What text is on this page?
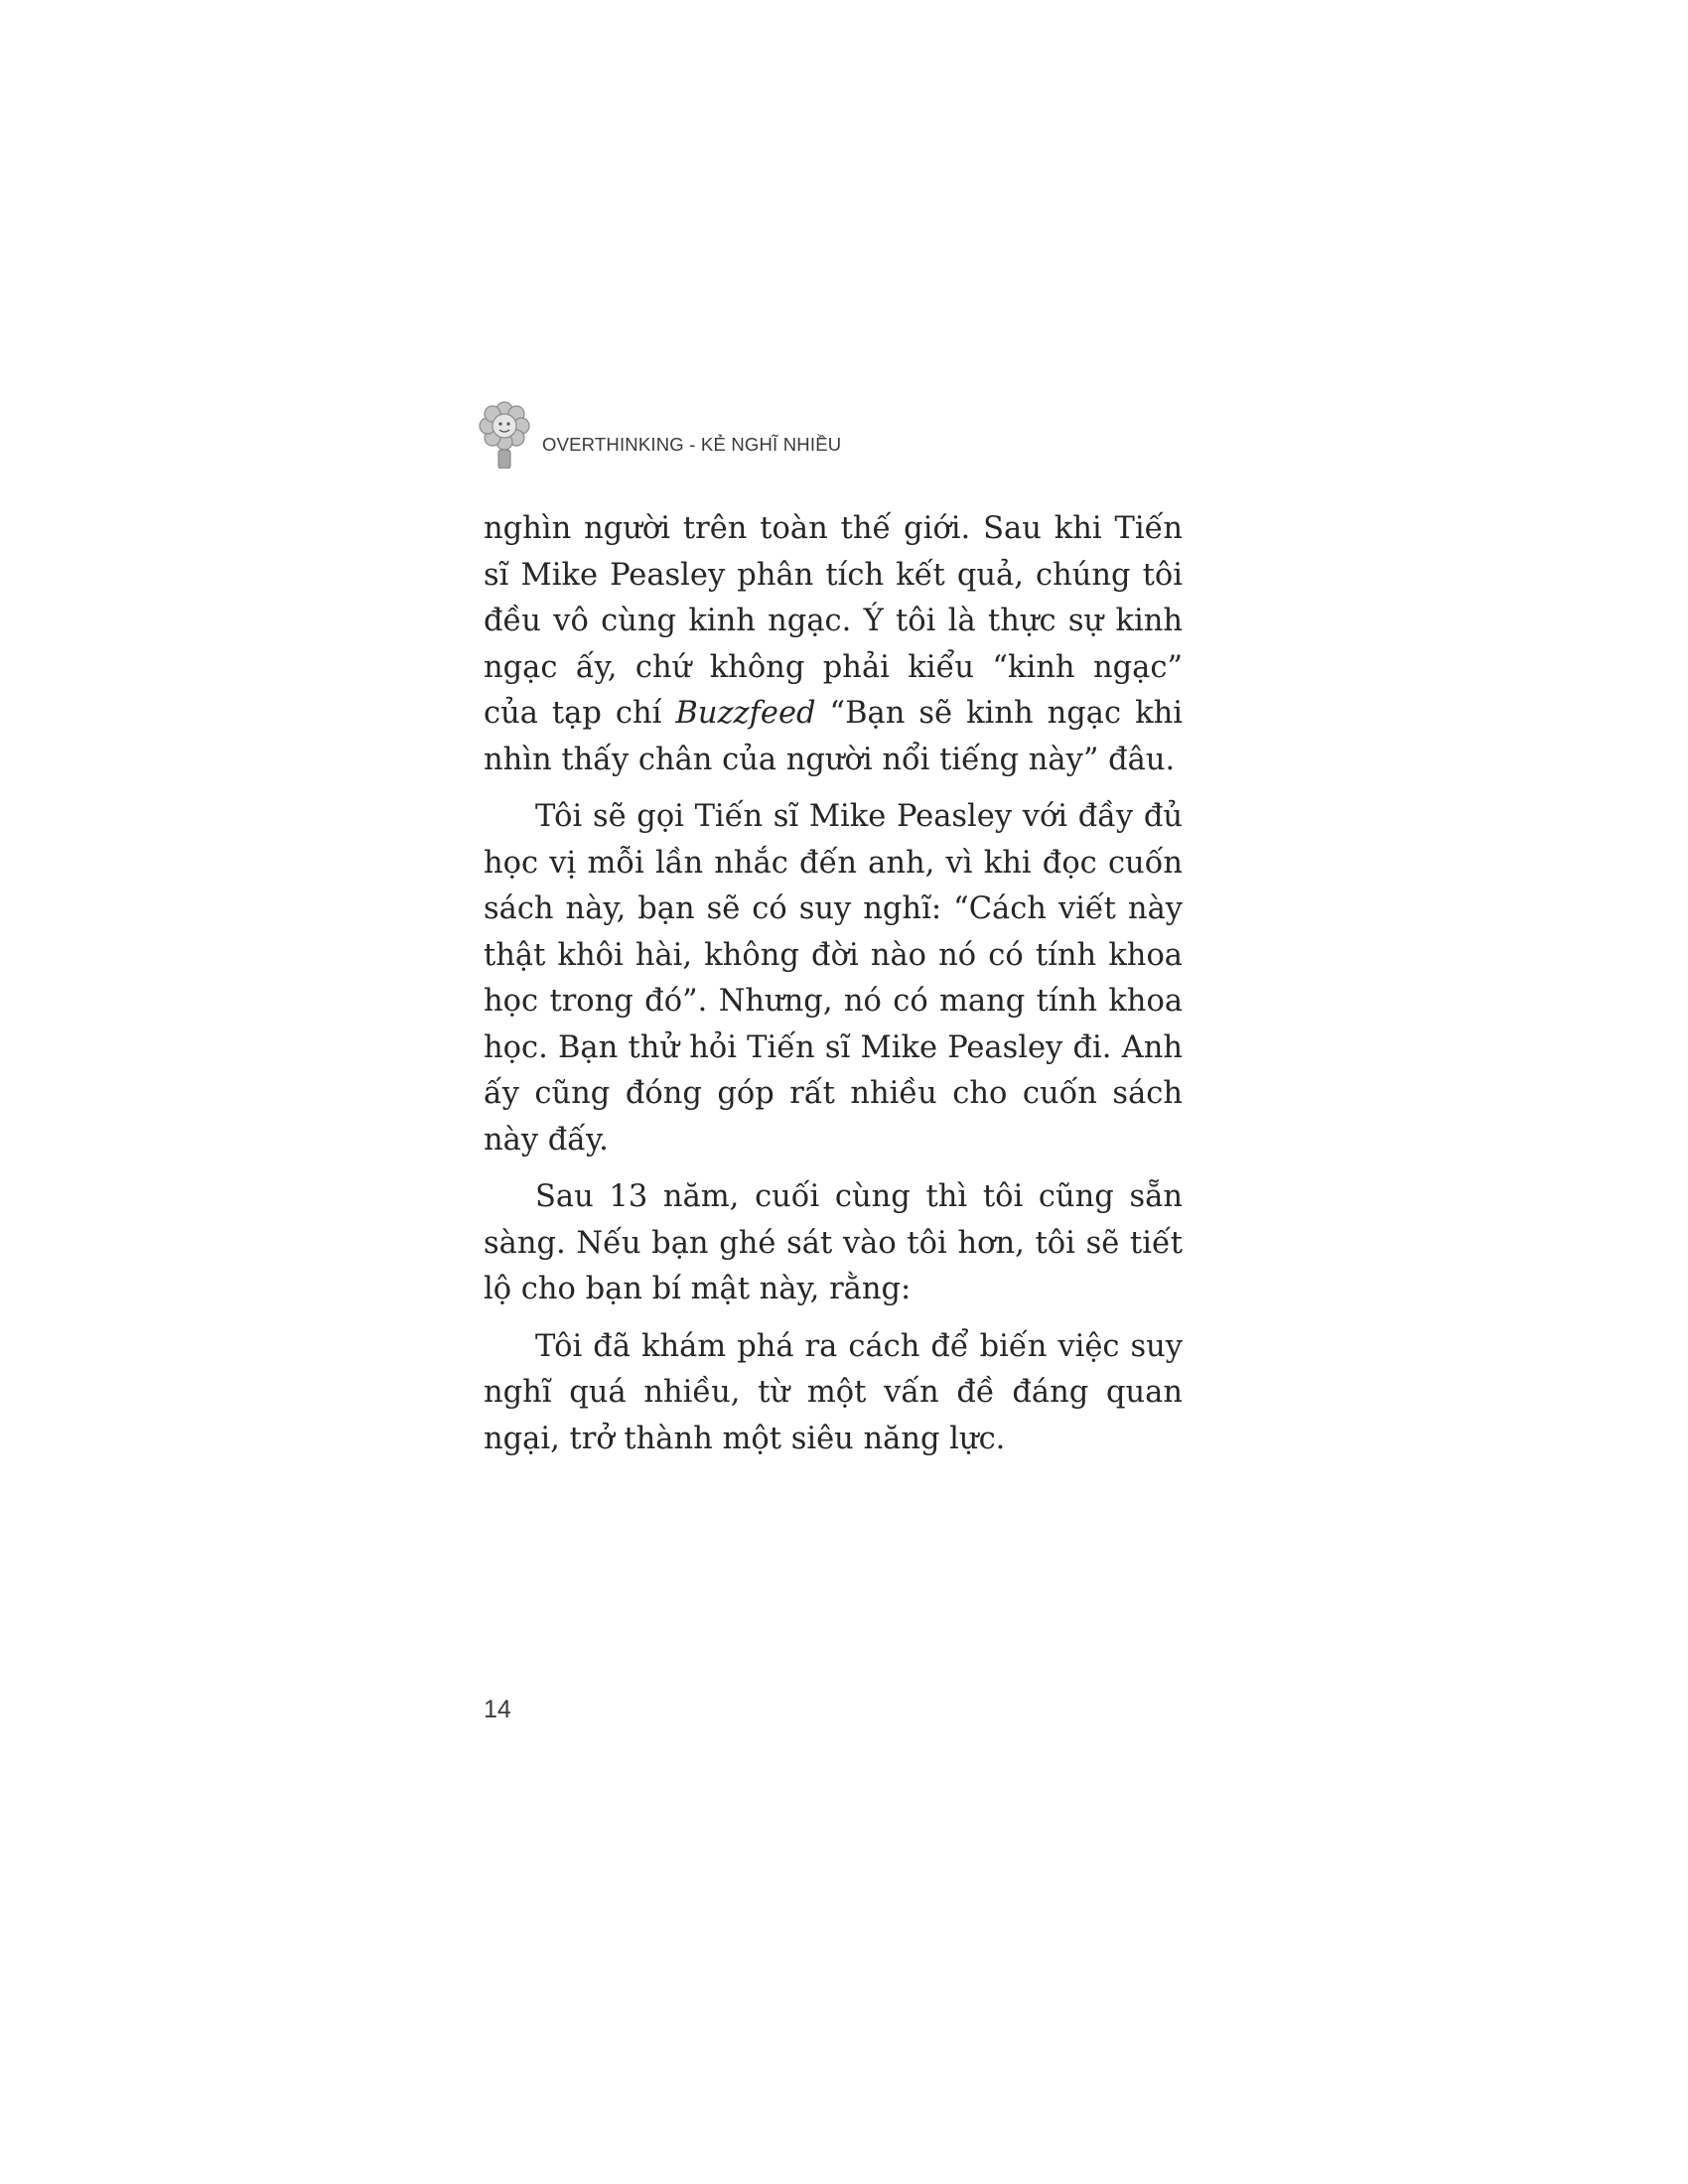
OVERTHINKING - KẺ NGHĨ NHIỀU

nghìn người trên toàn thế giới. Sau khi Tiến sĩ Mike Peasley phân tích kết quả, chúng tôi đều vô cùng kinh ngạc. Ý tôi là thực sự kinh ngạc ấy, chứ không phải kiểu “kinh ngạc” của tạp chí Buzzfeed “Bạn sẽ kinh ngạc khi nhìn thấy chân của người nổi tiếng này” đâu.

Tôi sẽ gọi Tiến sĩ Mike Peasley với đầy đủ học vị mỗi lần nhắc đến anh, vì khi đọc cuốn sách này, bạn sẽ có suy nghĩ: “Cách viết này thật khôi hài, không đời nào nó có tính khoa học trong đó”. Nhưng, nó có mang tính khoa học. Bạn thử hỏi Tiến sĩ Mike Peasley đi. Anh ấy cũng đóng góp rất nhiều cho cuốn sách này đấy.

Sau 13 năm, cuối cùng thì tôi cũng sẵn sàng. Nếu bạn ghé sát vào tôi hơn, tôi sẽ tiết lộ cho bạn bí mật này, rằng:

Tôi đã khám phá ra cách để biến việc suy nghĩ quá nhiều, từ một vấn đề đáng quan ngại, trở thành một siêu năng lực.

14
